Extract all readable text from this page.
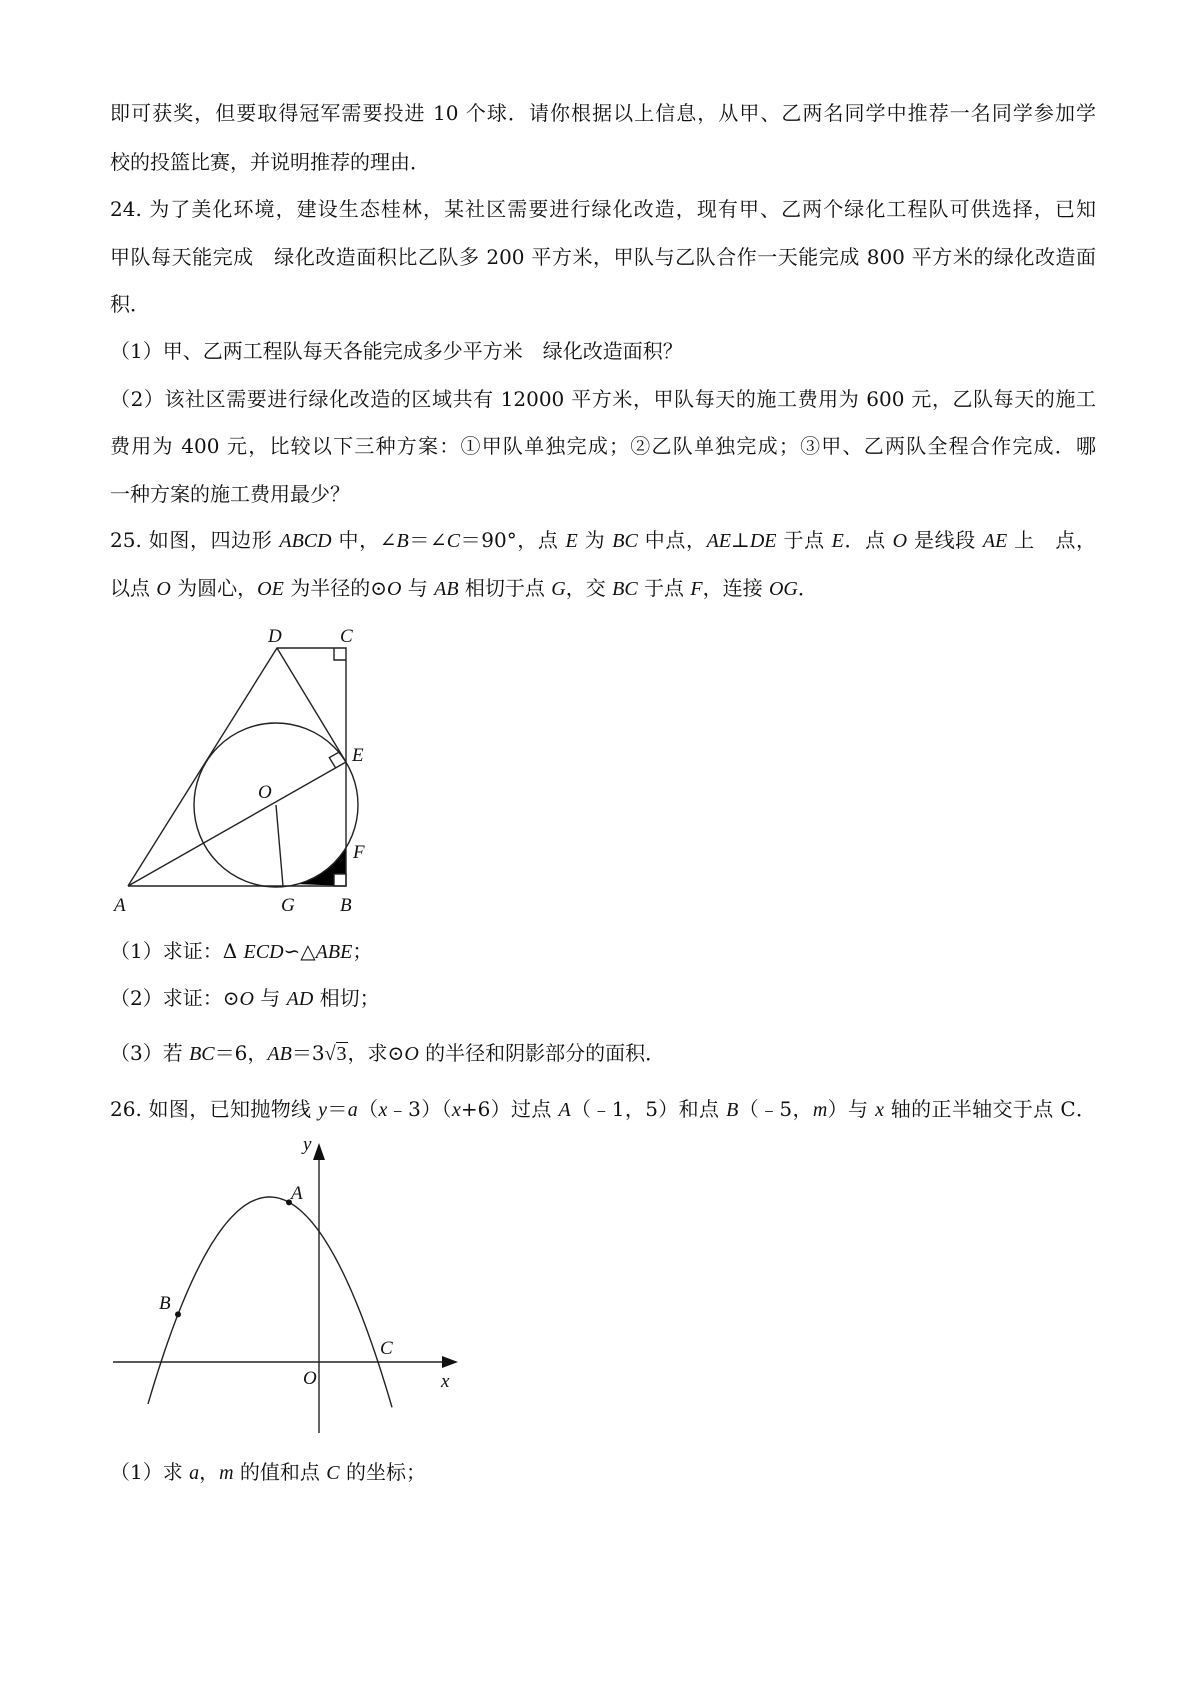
即可获奖，但要取得冠军需要投进 10 个球．请你根据以上信息，从甲、乙两名同学中推荐一名同学参加学
校的投篮比赛，并说明推荐的理由．
24. 为了美化环境，建设生态桂林，某社区需要进行绿化改造，现有甲、乙两个绿化工程队可供选择，已知
甲队每天能完成　绿化改造面积比乙队多 200 平方米，甲队与乙队合作一天能完成 800 平方米的绿化改造面
积．
（1）甲、乙两工程队每天各能完成多少平方米　绿化改造面积？
（2）该社区需要进行绿化改造的区域共有 12000 平方米，甲队每天的施工费用为 600 元，乙队每天的施工
费用为 400 元，比较以下三种方案：①甲队单独完成；②乙队单独完成；③甲、乙两队全程合作完成．哪
一种方案的施工费用最少？
25. 如图，四边形 ABCD 中，∠B＝∠C＝90°，点 E 为 BC 中点，AE⊥DE 于点 E．点 O 是线段 AE 上　点，
以点 O 为圆心，OE 为半径的⊙O 与 AB 相切于点 G，交 BC 于点 F，连接 OG．
（1）求证：Δ ECD∽△ABE；
（2）求证：⊙O 与 AD 相切；
（3）若 BC＝6，AB＝3√3，求⊙O 的半径和阴影部分的面积．
26. 如图，已知抛物线 y＝a（x﹣3）（x+6）过点 A（﹣1，5）和点 B（﹣5，m）与 x 轴的正半轴交于点 C．
（1）求 a，m 的值和点 C 的坐标；
D	C
E
O
F
A	G B
y
A
B
C
O	x
